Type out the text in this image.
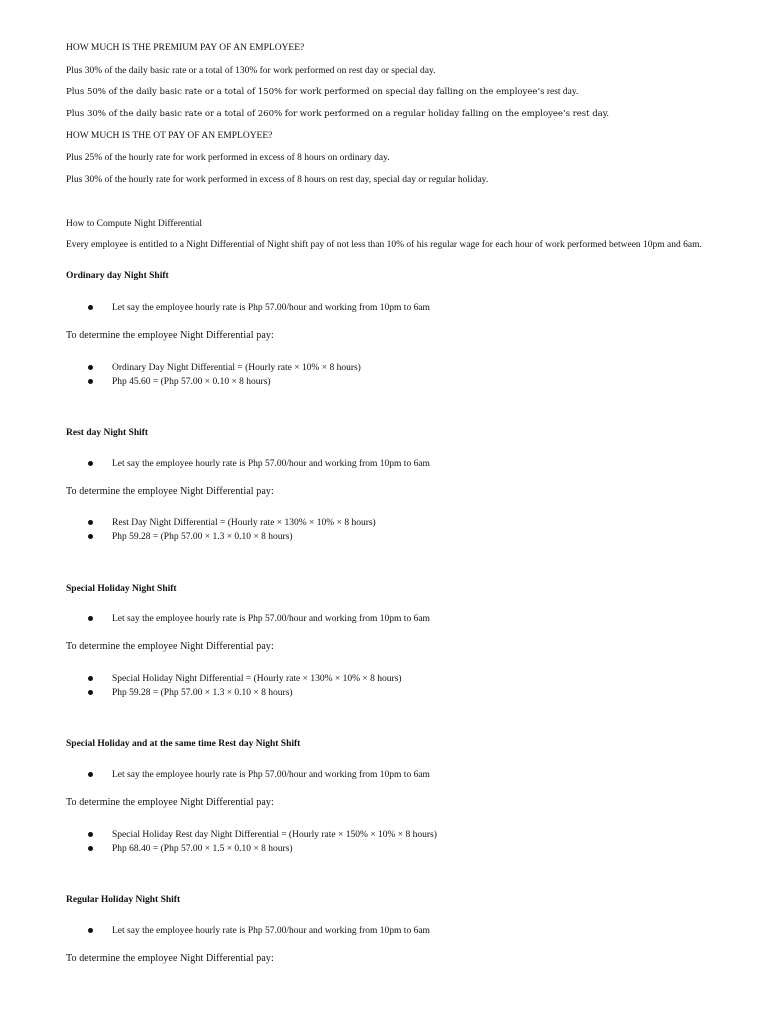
HOW MUCH IS THE PREMIUM PAY OF AN EMPLOYEE?
Plus 30% of the daily basic rate or a total of 130% for work performed on rest day or special day.
Plus 50% of the daily basic rate or a total of 150% for work performed on special day falling on the employee’s rest day.
Plus 30% of the daily basic rate or a total of 260% for work performed on a regular holiday falling on the employee’s rest day.
HOW MUCH IS THE OT PAY OF AN EMPLOYEE?
Plus 25% of the hourly rate for work performed in excess of 8 hours on ordinary day.
Plus 30% of the hourly rate for work performed in excess of 8 hours on rest day, special day or regular holiday.
How to Compute Night Differential
Every employee is entitled to a Night Differential of Night shift pay of not less than 10% of his regular wage for each hour of work performed between 10pm and 6am.
Ordinary day Night Shift
Let say the employee hourly rate is Php 57.00/hour and working from 10pm to 6am
To determine the employee Night Differential pay:
Ordinary Day Night Differential = (Hourly rate × 10% × 8 hours)
Php 45.60 = (Php 57.00 × 0.10 × 8 hours)
Rest day Night Shift
Let say the employee hourly rate is Php 57.00/hour and working from 10pm to 6am
To determine the employee Night Differential pay:
Rest Day Night Differential = (Hourly rate × 130% × 10% × 8 hours)
Php 59.28 = (Php 57.00 × 1.3 × 0.10 × 8 hours)
Special Holiday Night Shift
Let say the employee hourly rate is Php 57.00/hour and working from 10pm to 6am
To determine the employee Night Differential pay:
Special Holiday Night Differential = (Hourly rate × 130% × 10% × 8 hours)
Php 59.28 = (Php 57.00 × 1.3 × 0.10 × 8 hours)
Special Holiday and at the same time Rest day Night Shift
Let say the employee hourly rate is Php 57.00/hour and working from 10pm to 6am
To determine the employee Night Differential pay:
Special Holiday Rest day Night Differential = (Hourly rate × 150% × 10% × 8 hours)
Php 68.40 = (Php 57.00 × 1.5 × 0.10 × 8 hours)
Regular Holiday Night Shift
Let say the employee hourly rate is Php 57.00/hour and working from 10pm to 6am
To determine the employee Night Differential pay:
